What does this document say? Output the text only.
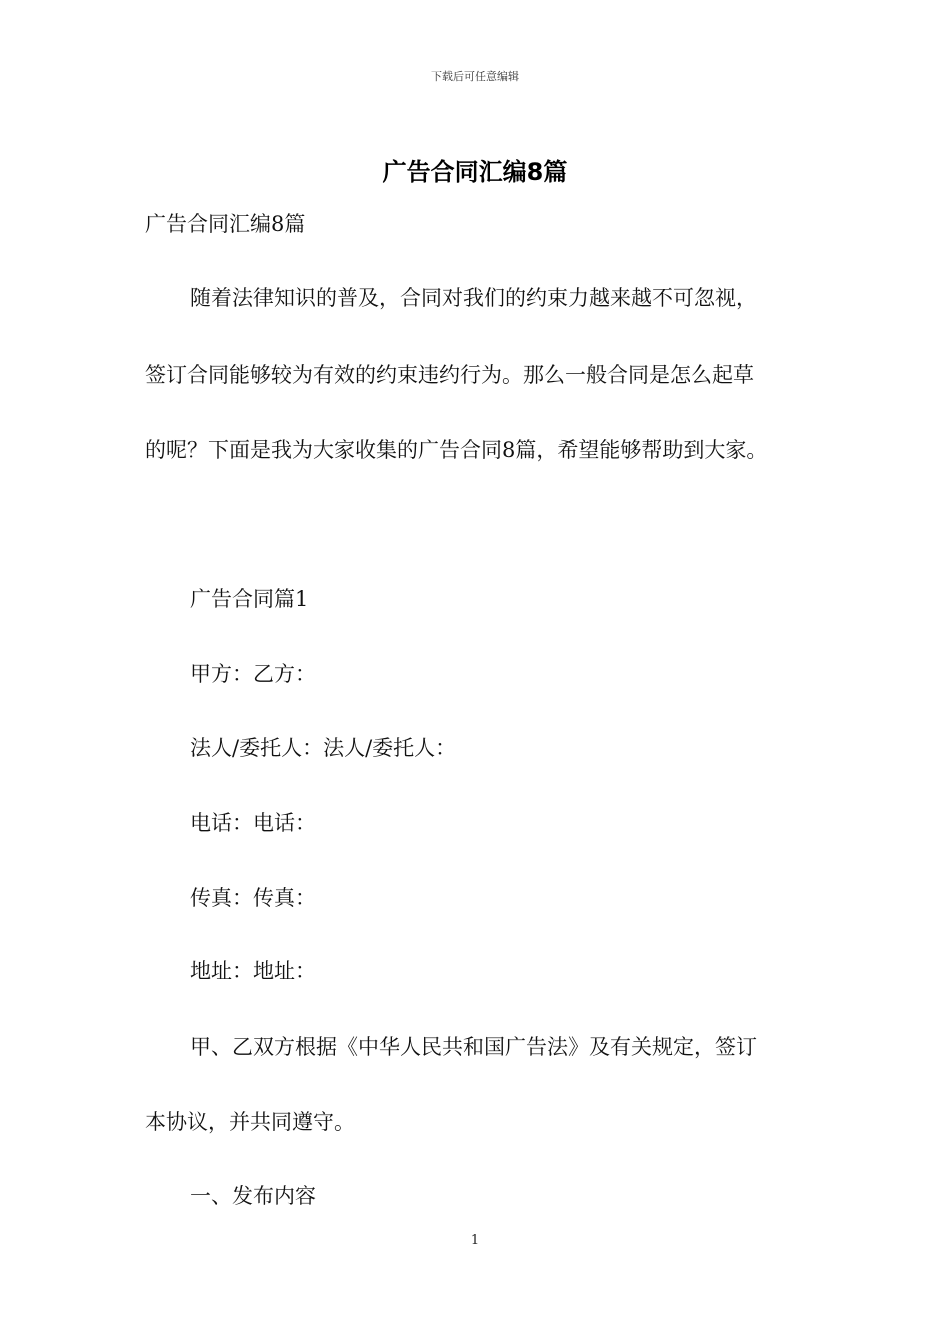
下载后可任意编辑
广告合同汇编8篇
广告合同汇编8篇
随着法律知识的普及，合同对我们的约束力越来越不可忽视，
签订合同能够较为有效的约束违约行为。那么一般合同是怎么起草
的呢？下面是我为大家收集的广告合同8篇，希望能够帮助到大家。
广告合同篇1
甲方：乙方：
法人/委托人：法人/委托人：
电话：电话：
传真：传真：
地址：地址：
甲、乙双方根据《中华人民共和国广告法》及有关规定，签订
本协议，并共同遵守。
一、发布内容
1
